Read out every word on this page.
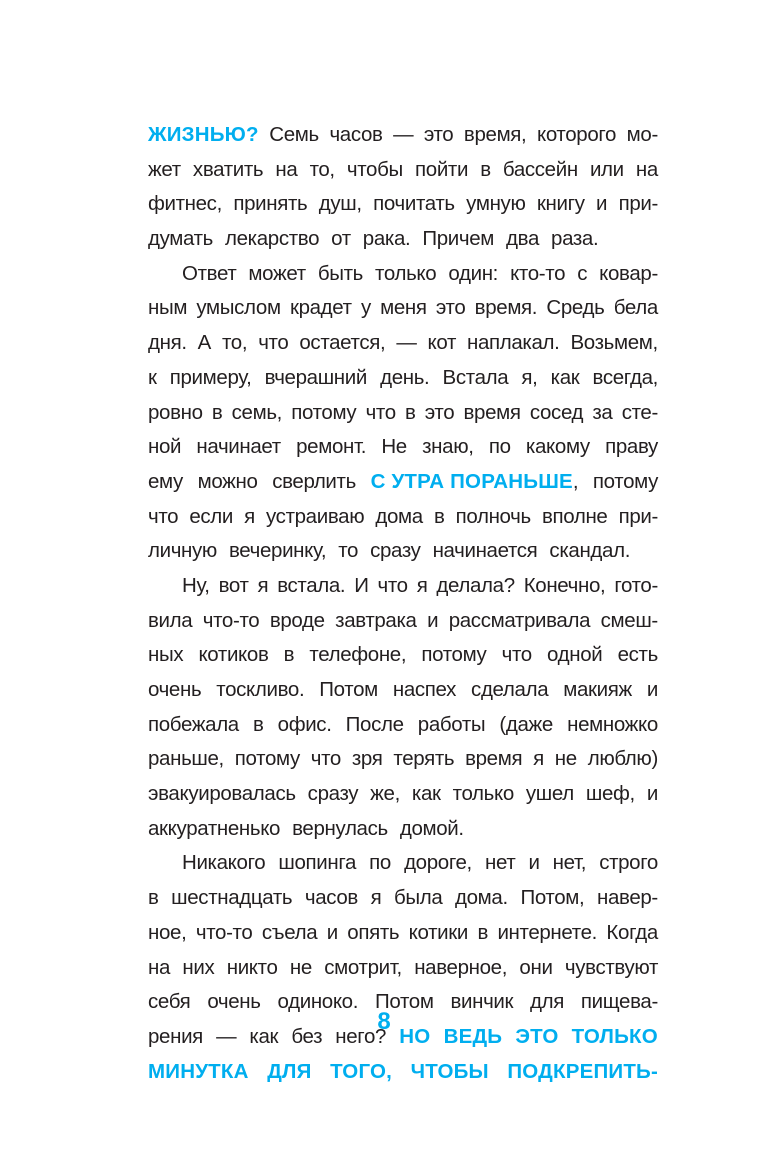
ЖИЗНЬЮ? Семь часов — это время, которого мо-
жет хватить на то, чтобы пойти в бассейн или на
фитнес, принять душ, почитать умную книгу и при-
думать лекарство от рака. Причем два раза.
Ответ может быть только один: кто-то с ковар-
ным умыслом крадет у меня это время. Средь бела
дня. А то, что остается, — кот наплакал. Возьмем,
к примеру, вчерашний день. Встала я, как всегда,
ровно в семь, потому что в это время сосед за сте-
ной начинает ремонт. Не знаю, по какому праву
ему можно сверлить С УТРА ПОРАНЬШЕ, потому
что если я устраиваю дома в полночь вполне при-
личную вечеринку, то сразу начинается скандал.
Ну, вот я встала. И что я делала? Конечно, гото-
вила что-то вроде завтрака и рассматривала смеш-
ных котиков в телефоне, потому что одной есть
очень тоскливо. Потом наспех сделала макияж и
побежала в офис. После работы (даже немножко
раньше, потому что зря терять время я не люблю)
эвакуировалась сразу же, как только ушел шеф, и
аккуратненько вернулась домой.
Никакого шопинга по дороге, нет и нет, строго
в шестнадцать часов я была дома. Потом, навер-
ное, что-то съела и опять котики в интернете. Когда
на них никто не смотрит, наверное, они чувствуют
себя очень одиноко. Потом винчик для пищева-
рения — как без него? НО ВЕДЬ ЭТО ТОЛЬКО
МИНУТКА ДЛЯ ТОГО, ЧТОБЫ ПОДКРЕПИТЬ-
8
